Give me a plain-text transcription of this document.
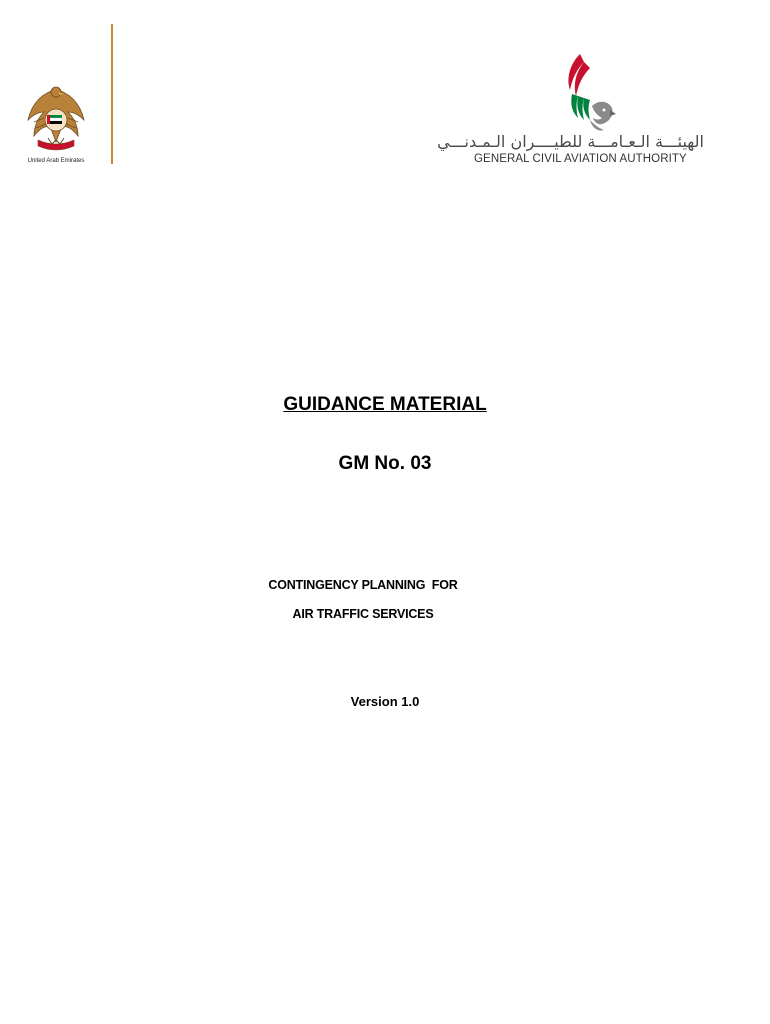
United Arab Emirates
الهيئـــة الـعـامـــة للطيــــران الـمـدنـــي
GENERAL CIVIL AVIATION AUTHORITY
GUIDANCE MATERIAL
GM No. 03
CONTINGENCY PLANNING  FOR
AIR TRAFFIC SERVICES
Version 1.0
